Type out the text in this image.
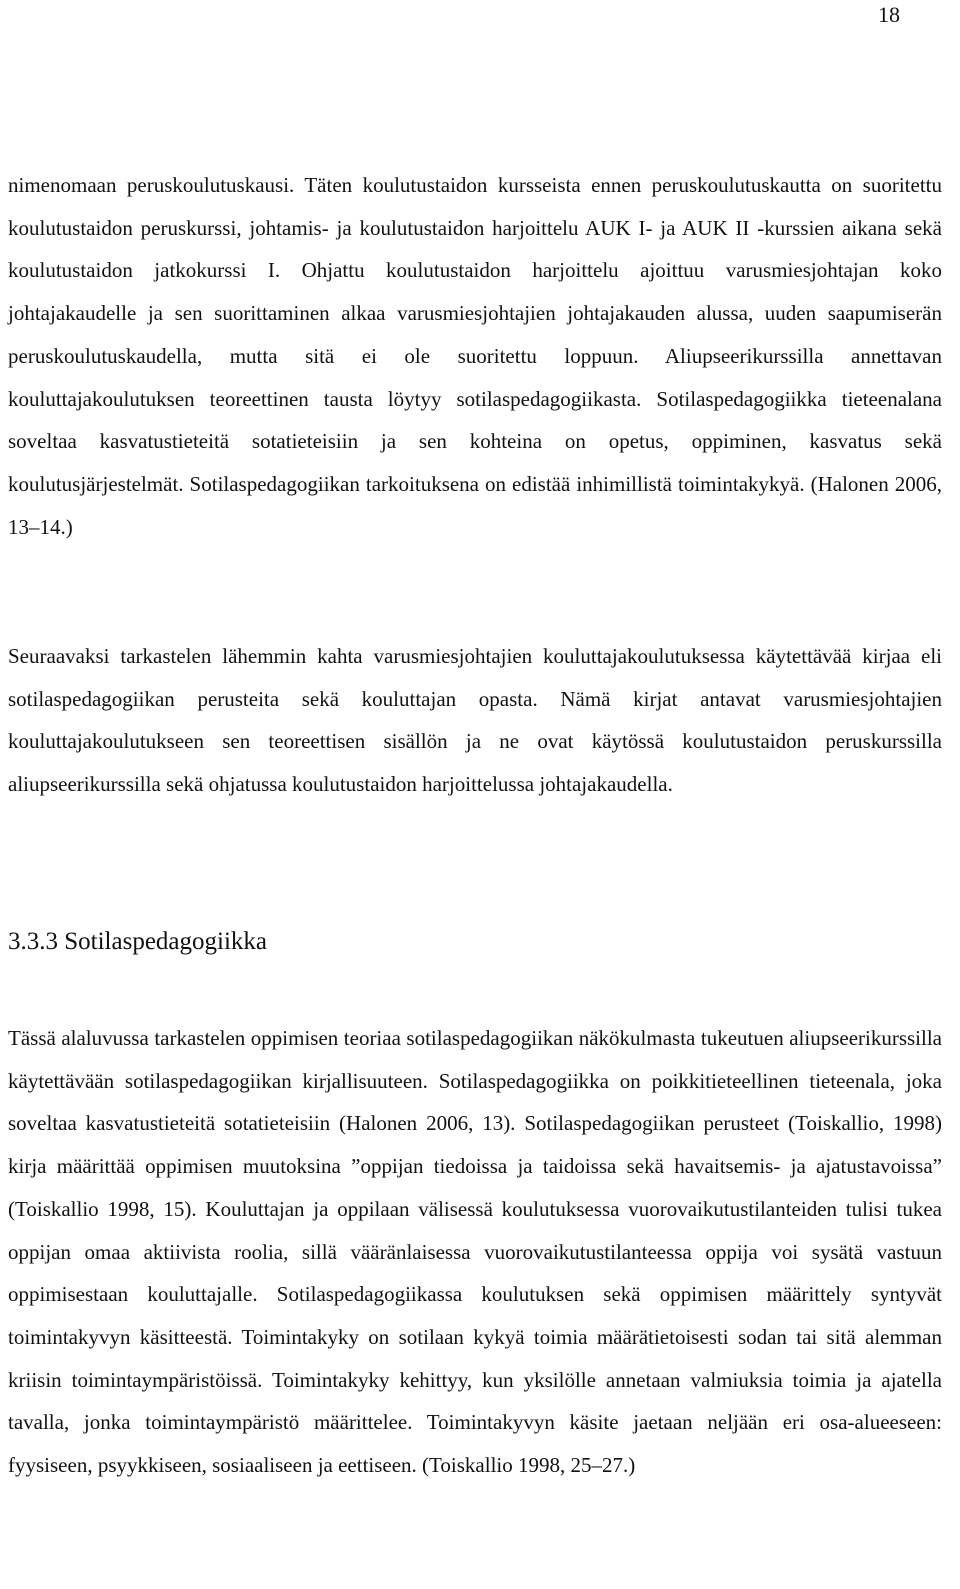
18

nimenomaan peruskoulutuskausi. Täten koulutustaidon kursseista ennen peruskoulutuskautta on suoritettu koulutustaidon peruskurssi, johtamis- ja koulutustaidon harjoittelu AUK I- ja AUK II -kurssien aikana sekä koulutustaidon jatkokurssi I. Ohjattu koulutustaidon harjoittelu ajoittuu varusmiesjohtajan koko johtajakaudelle ja sen suorittaminen alkaa varusmiesjohtajien johtajakauden alussa, uuden saapumiserän peruskoulutuskaudella, mutta sitä ei ole suoritettu loppuun. Aliupseerikurssilla annettavan kouluttajakoulutuksen teoreettinen tausta löytyy sotilaspedagogiikasta. Sotilaspedagogiikka tieteenalana soveltaa kasvatustieteitä sotatieteisiin ja sen kohteina on opetus, oppiminen, kasvatus sekä koulutusjärjestelmät. Sotilaspedagogiikan tarkoituksena on edistää inhimillistä toimintakykyä. (Halonen 2006, 13–14.)

Seuraavaksi tarkastelen lähemmin kahta varusmiesjohtajien kouluttajakoulutuksessa käytettävää kirjaa eli sotilaspedagogiikan perusteita sekä kouluttajan opasta. Nämä kirjat antavat varusmiesjohtajien kouluttajakoulutukseen sen teoreettisen sisällön ja ne ovat käytössä koulutustaidon peruskurssilla aliupseerikurssilla sekä ohjatussa koulutustaidon harjoittelussa johtajakaudella.

3.3.3 Sotilaspedagogiikka

Tässä alaluvussa tarkastelen oppimisen teoriaa sotilaspedagogiikan näkökulmasta tukeutuen aliupseerikurssilla käytettävään sotilaspedagogiikan kirjallisuuteen. Sotilaspedagogiikka on poikkitieteellinen tieteenala, joka soveltaa kasvatustieteitä sotatieteisiin (Halonen 2006, 13). Sotilaspedagogiikan perusteet (Toiskallio, 1998) kirja määrittää oppimisen muutoksina ”oppijan tiedoissa ja taidoissa sekä havaitsemis- ja ajatustavoissa” (Toiskallio 1998, 15). Kouluttajan ja oppilaan välisessä koulutuksessa vuorovaikutustilanteiden tulisi tukea oppijan omaa aktiivista roolia, sillä vääränlaisessa vuorovaikutustilanteessa oppija voi sysätä vastuun oppimisestaan kouluttajalle. Sotilaspedagogiikassa koulutuksen sekä oppimisen määrittely syntyvät toimintakyvyn käsitteestä. Toimintakyky on sotilaan kykyä toimia määrätietoisesti sodan tai sitä alemman kriisin toimintaympäristöissä. Toimintakyky kehittyy, kun yksilölle annetaan valmiuksia toimia ja ajatella tavalla, jonka toimintaympäristö määrittelee. Toimintakyvyn käsite jaetaan neljään eri osa-alueeseen: fyysiseen, psyykkiseen, sosiaaliseen ja eettiseen. (Toiskallio 1998, 25–27.)
